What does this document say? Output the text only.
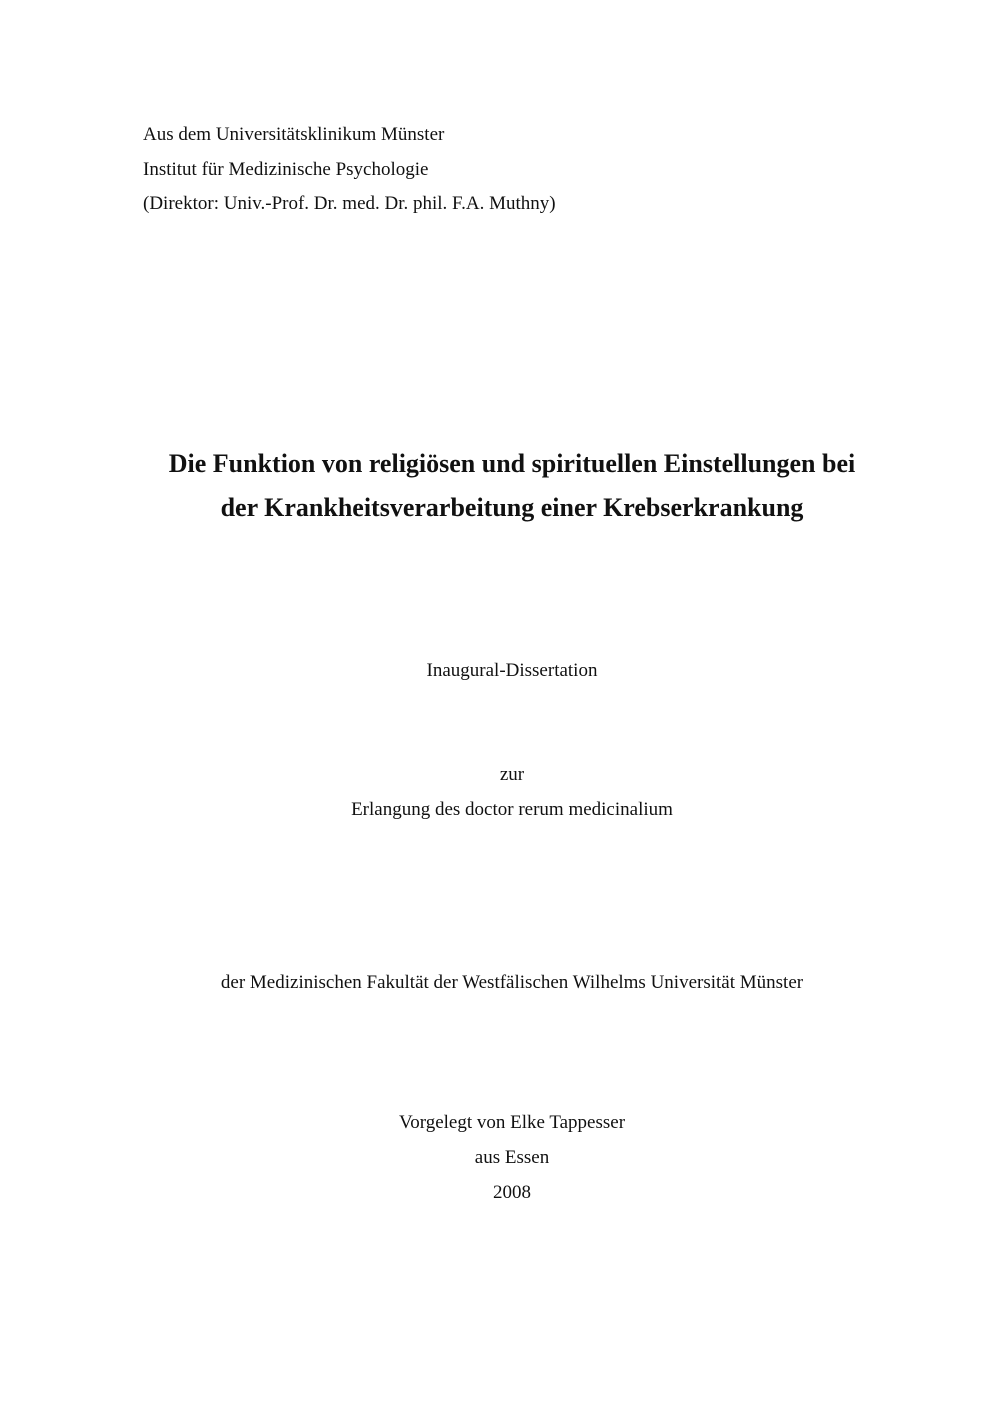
Aus dem Universitätsklinikum Münster
Institut für Medizinische Psychologie
(Direktor: Univ.-Prof. Dr. med. Dr. phil. F.A. Muthny)
Die Funktion von religiösen und spirituellen Einstellungen bei
der Krankheitsverarbeitung einer Krebserkrankung
Inaugural-Dissertation
zur
Erlangung des doctor rerum medicinalium
der Medizinischen Fakultät der Westfälischen Wilhelms Universität Münster
Vorgelegt von Elke Tappesser
aus Essen
2008
